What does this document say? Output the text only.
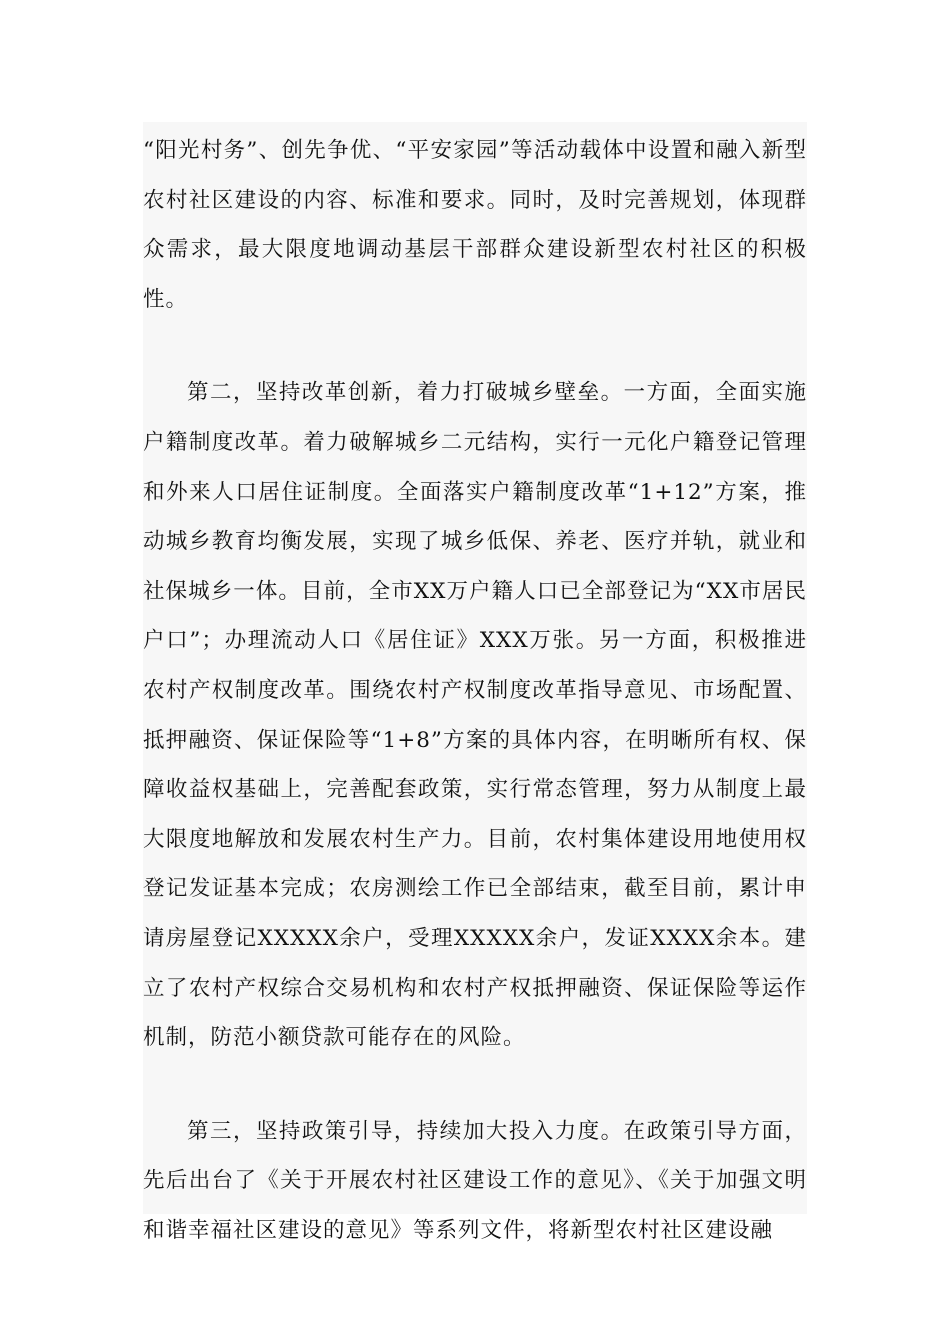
“阳光村务”、创先争优、“平安家园”等活动载体中设置和融入新型农村社区建设的内容、标准和要求。同时，及时完善规划，体现群众需求，最大限度地调动基层干部群众建设新型农村社区的积极性。

第二，坚持改革创新，着力打破城乡壁垒。一方面，全面实施户籍制度改革。着力破解城乡二元结构，实行一元化户籍登记管理和外来人口居住证制度。全面落实户籍制度改革“1+12”方案，推动城乡教育均衡发展，实现了城乡低保、养老、医疗并轨，就业和社保城乡一体。目前，全市XX万户籍人口已全部登记为“XX市居民户口”；办理流动人口《居住证》XXX万张。另一方面，积极推进农村产权制度改革。围绕农村产权制度改革指导意见、市场配置、抵押融资、保证保险等“1+8”方案的具体内容，在明晰所有权、保障收益权基础上，完善配套政策，实行常态管理，努力从制度上最大限度地解放和发展农村生产力。目前，农村集体建设用地使用权登记发证基本完成；农房测绘工作已全部结束，截至目前，累计申请房屋登记XXXXX余户，受理XXXXX余户，发证XXXX余本。建立了农村产权综合交易机构和农村产权抵押融资、保证保险等运作机制，防范小额贷款可能存在的风险。

第三，坚持政策引导，持续加大投入力度。在政策引导方面，先后出台了《关于开展农村社区建设工作的意见》、《关于加强文明和谐幸福社区建设的意见》等系列文件，将新型农村社区建设融
